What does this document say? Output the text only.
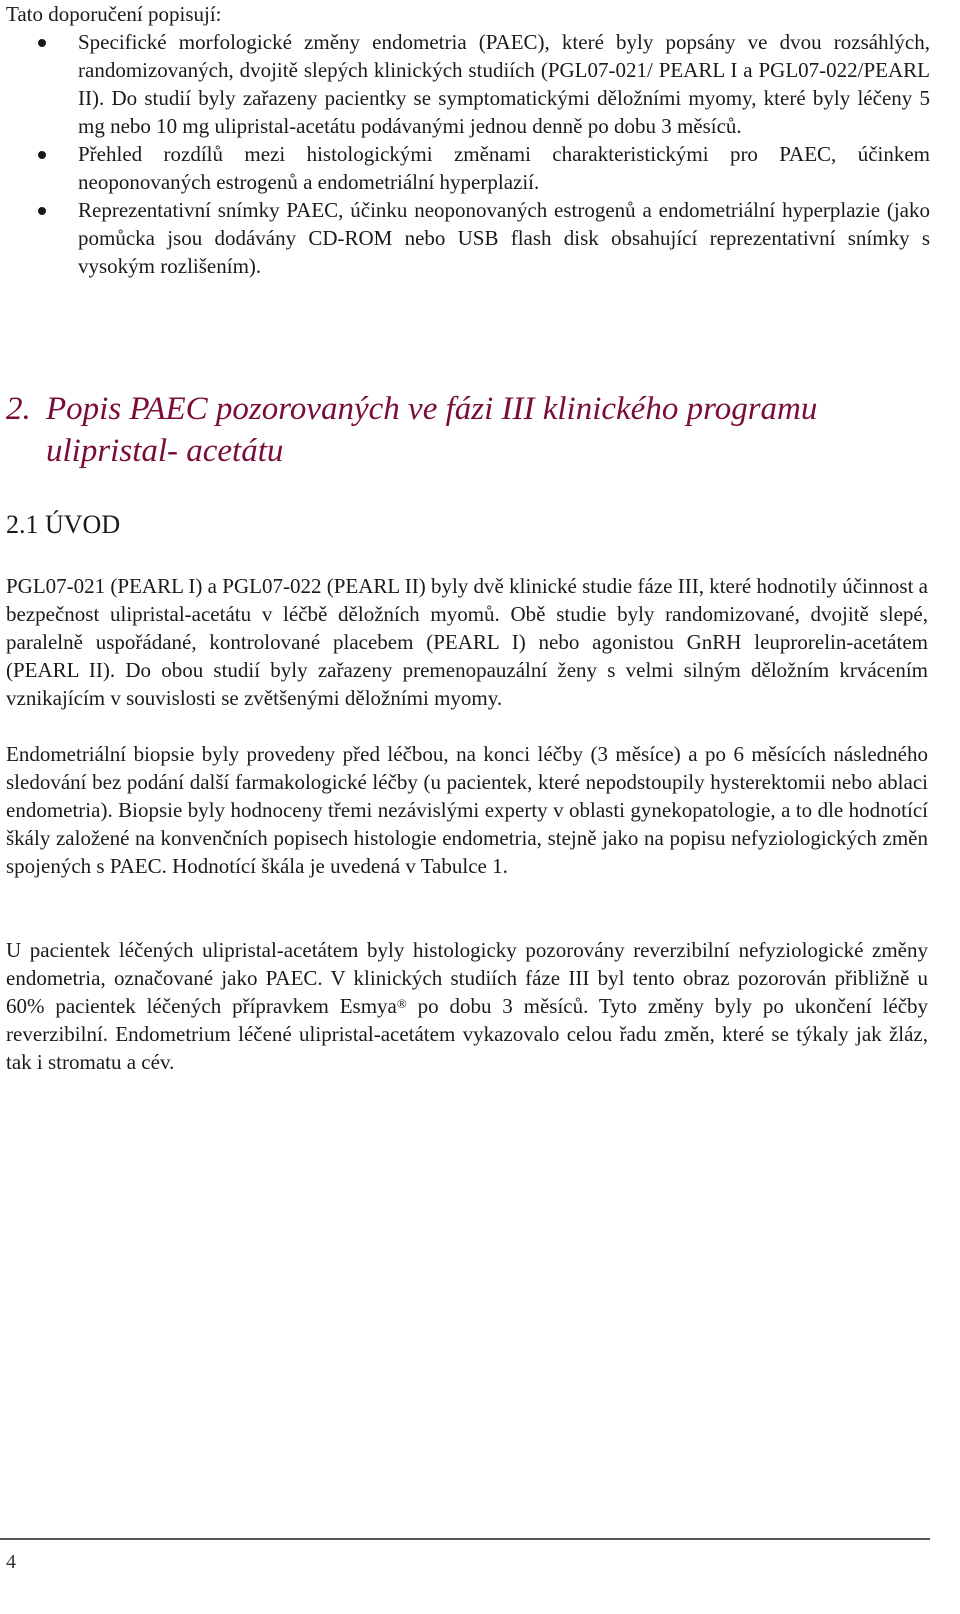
Tato doporučení popisují:

Specifické morfologické změny endometria (PAEC), které byly popsány ve dvou rozsáhlých, randomizovaných, dvojitě slepých klinických studiích (PGL07-021/ PEARL I a PGL07-022/PEARL II). Do studií byly zařazeny pacientky se symptomatickými děložními myomy, které byly léčeny 5 mg nebo 10 mg ulipristal-acetátu podávanými jednou denně po dobu 3 měsíců.
Přehled rozdílů mezi histologickými změnami charakteristickými pro PAEC, účinkem neoponovaných estrogenů a endometriální hyperplazií.
Reprezentativní snímky PAEC, účinku neoponovaných estrogenů a endometriální hyperplazie (jako pomůcka jsou dodávány CD-ROM nebo USB flash disk obsahující reprezentativní snímky s vysokým rozlišením).
2. Popis PAEC pozorovaných ve fázi III klinického programu
ulipristal- acetátu
2.1 ÚVOD

PGL07-021 (PEARL I) a PGL07-022 (PEARL II) byly dvě klinické studie fáze III, které hodnotily účinnost a bezpečnost ulipristal-acetátu v léčbě děložních myomů. Obě studie byly randomizované, dvojitě slepé, paralelně uspořádané, kontrolované placebem (PEARL I) nebo agonistou GnRH leuprorelin-acetátem (PEARL II). Do obou studií byly zařazeny premenopauzální ženy s velmi silným děložním krvácením vznikajícím v souvislosti se zvětšenými děložními myomy.

Endometriální biopsie byly provedeny před léčbou, na konci léčby (3 měsíce) a po 6 měsících následného sledování bez podání další farmakologické léčby (u pacientek, které nepodstoupily hysterektomii nebo ablaci endometria). Biopsie byly hodnoceny třemi nezávislými experty v oblasti gynekopatologie, a to dle hodnotící škály založené na konvenčních popisech histologie endometria, stejně jako na popisu nefyziologických změn spojených s PAEC. Hodnotící škála je uvedená v Tabulce 1.

U pacientek léčených ulipristal-acetátem byly histologicky pozorovány reverzibilní nefyziologické změny endometria, označované jako PAEC. V klinických studiích fáze III byl tento obraz pozorován přibližně u 60% pacientek léčených přípravkem Esmya® po dobu 3 měsíců. Tyto změny byly po ukončení léčby reverzibilní. Endometrium léčené ulipristal-acetátem vykazovalo celou řadu změn, které se týkaly jak žláz, tak i stromatu a cév.

4
